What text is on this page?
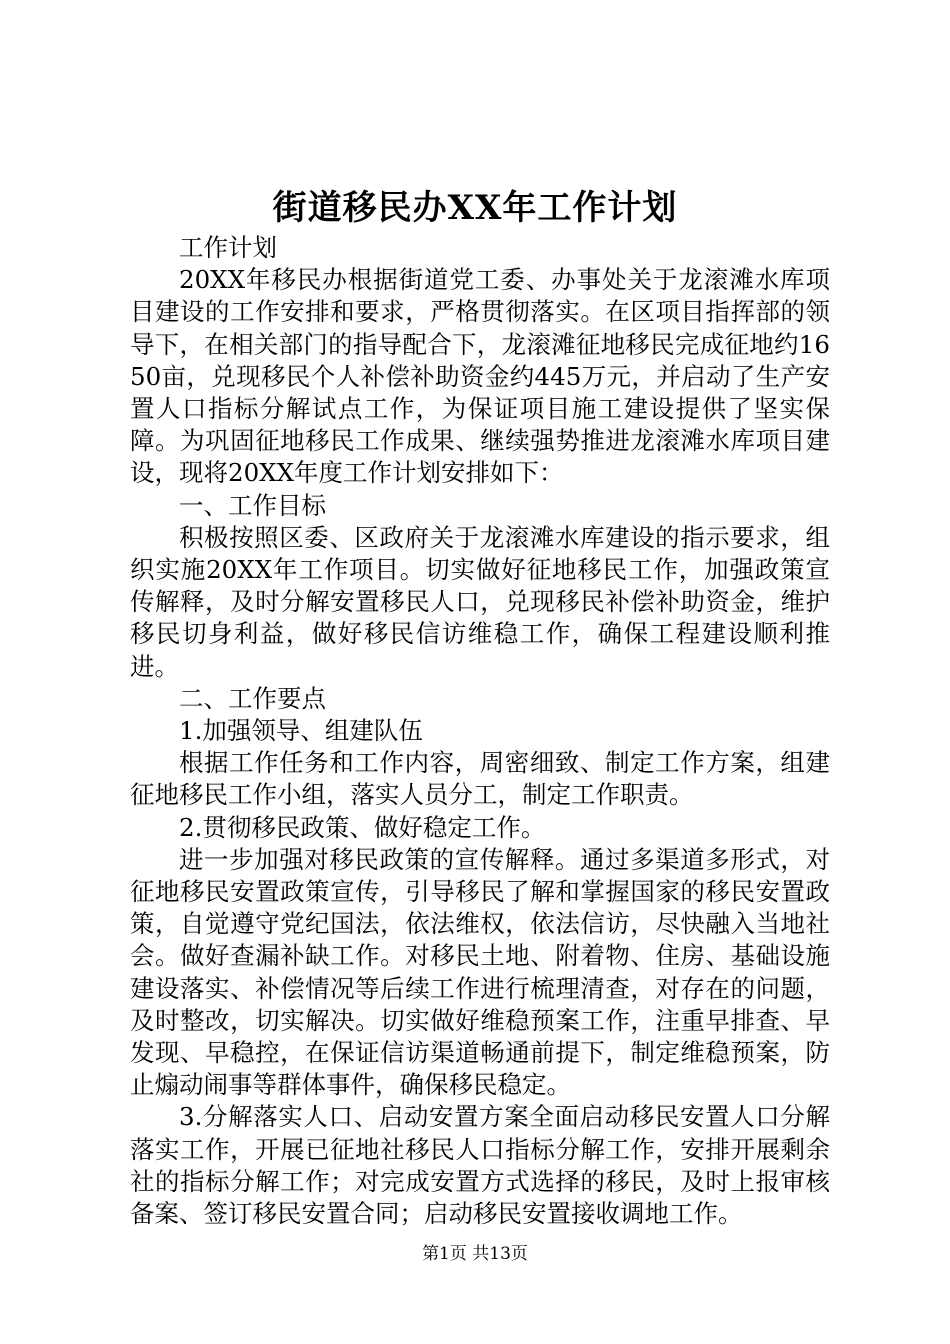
街道移民办XX年工作计划

工作计划

20XX年移民办根据街道党工委、办事处关于龙滚滩水库项目建设的工作安排和要求，严格贯彻落实。在区项目指挥部的领导下，在相关部门的指导配合下，龙滚滩征地移民完成征地约1650亩，兑现移民个人补偿补助资金约445万元，并启动了生产安置人口指标分解试点工作，为保证项目施工建设提供了坚实保障。为巩固征地移民工作成果、继续强势推进龙滚滩水库项目建设，现将20XX年度工作计划安排如下：

一、工作目标

积极按照区委、区政府关于龙滚滩水库建设的指示要求，组织实施20XX年工作项目。切实做好征地移民工作，加强政策宣传解释，及时分解安置移民人口，兑现移民补偿补助资金，维护移民切身利益，做好移民信访维稳工作，确保工程建设顺利推进。

二、工作要点

1.加强领导、组建队伍

根据工作任务和工作内容，周密细致、制定工作方案，组建征地移民工作小组，落实人员分工，制定工作职责。

2.贯彻移民政策、做好稳定工作。

进一步加强对移民政策的宣传解释。通过多渠道多形式，对征地移民安置政策宣传，引导移民了解和掌握国家的移民安置政策，自觉遵守党纪国法，依法维权，依法信访，尽快融入当地社会。做好查漏补缺工作。对移民土地、附着物、住房、基础设施建设落实、补偿情况等后续工作进行梳理清查，对存在的问题，及时整改，切实解决。切实做好维稳预案工作，注重早排查、早发现、早稳控，在保证信访渠道畅通前提下，制定维稳预案，防止煽动闹事等群体事件，确保移民稳定。

3.分解落实人口、启动安置方案全面启动移民安置人口分解落实工作，开展已征地社移民人口指标分解工作，安排开展剩余社的指标分解工作；对完成安置方式选择的移民，及时上报审核备案、签订移民安置合同；启动移民安置接收调地工作。

第1页 共13页
